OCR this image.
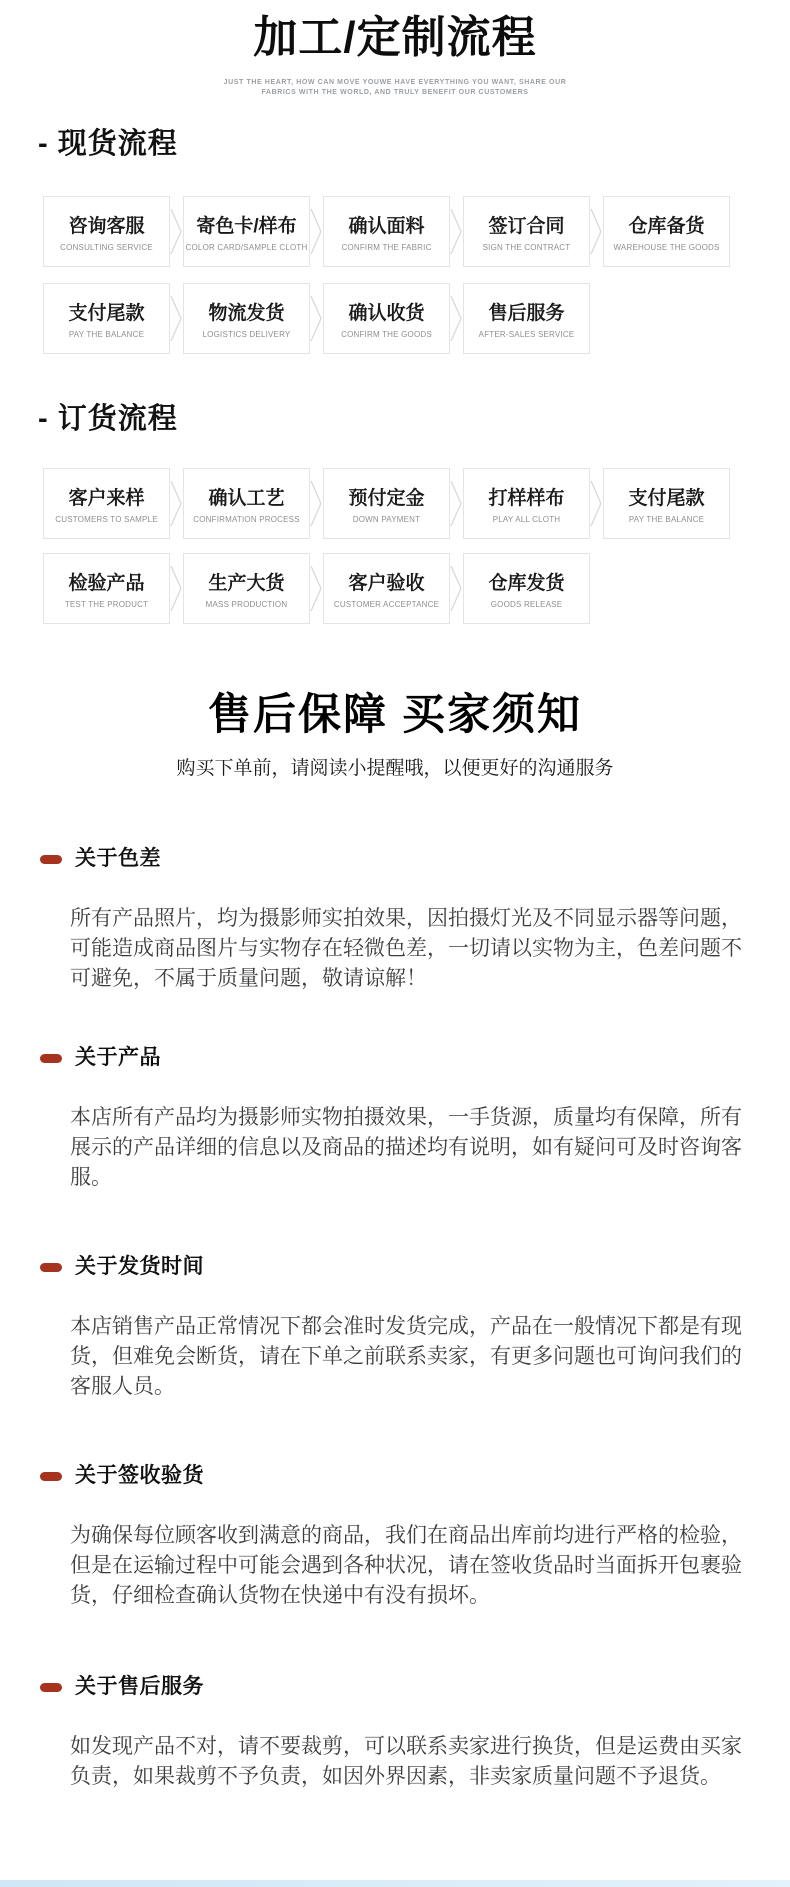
加工/定制流程
JUST THE HEART, HOW CAN MOVE YOUWE HAVE EVERYTHING YOU WANT, SHARE OUR
FABRICS WITH THE WORLD, AND TRULY BENEFIT OUR CUSTOMERS
- 现货流程
咨询客服
CONSULTING SERVICE
寄色卡/样布
COLOR CARD/SAMPLE CLOTH
确认面料
CONFIRM THE FABRIC
签订合同
SIGN THE CONTRACT
仓库备货
WAREHOUSE THE GOODS
支付尾款
PAY THE BALANCE
物流发货
LOGISTICS DELIVERY
确认收货
CONFIRM THE GOODS
售后服务
AFTER-SALES SERVICE
- 订货流程
客户来样
CUSTOMERS TO SAMPLE
确认工艺
CONFIRMATION PROCESS
预付定金
DOWN PAYMENT
打样样布
PLAY ALL CLOTH
支付尾款
PAY THE BALANCE
检验产品
TEST THE PRODUCT
生产大货
MASS PRODUCTION
客户验收
CUSTOMER ACCEPTANCE
仓库发货
GOODS RELEASE
售后保障 买家须知
购买下单前，请阅读小提醒哦，以便更好的沟通服务
关于色差
所有产品照片，均为摄影师实拍效果，因拍摄灯光及不同显示器等问题，可能造成商品图片与实物存在轻微色差，一切请以实物为主，色差问题不可避免，不属于质量问题，敬请谅解！
关于产品
本店所有产品均为摄影师实物拍摄效果，一手货源，质量均有保障，所有展示的产品详细的信息以及商品的描述均有说明，如有疑问可及时咨询客服。
关于发货时间
本店销售产品正常情况下都会准时发货完成，产品在一般情况下都是有现货，但难免会断货，请在下单之前联系卖家，有更多问题也可询问我们的客服人员。
关于签收验货
为确保每位顾客收到满意的商品，我们在商品出库前均进行严格的检验，但是在运输过程中可能会遇到各种状况，请在签收货品时当面拆开包裹验货，仔细检查确认货物在快递中有没有损坏。
关于售后服务
如发现产品不对，请不要裁剪，可以联系卖家进行换货，但是运费由买家负责，如果裁剪不予负责，如因外界因素，非卖家质量问题不予退货。
